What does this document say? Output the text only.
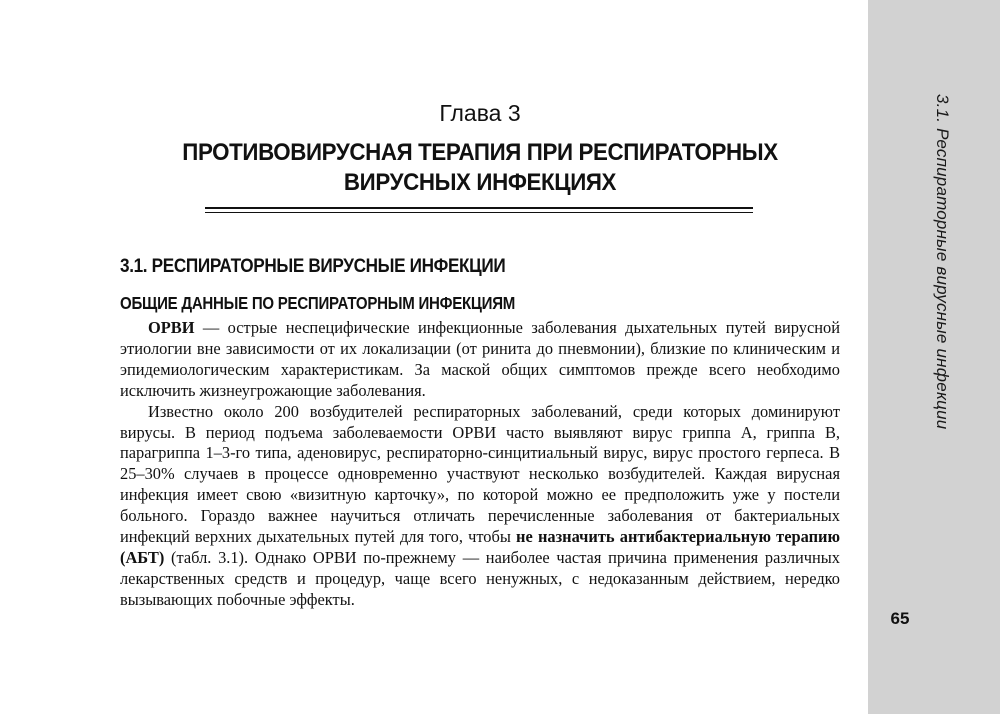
Глава 3
ПРОТИВОВИРУСНАЯ ТЕРАПИЯ ПРИ РЕСПИРАТОРНЫХ
ВИРУСНЫХ ИНФЕКЦИЯХ
3.1. РЕСПИРАТОРНЫЕ ВИРУСНЫЕ ИНФЕКЦИИ
ОБЩИЕ ДАННЫЕ ПО РЕСПИРАТОРНЫМ ИНФЕКЦИЯМ

ОРВИ — острые неспецифические инфекционные заболевания дыхательных путей вирусной этиологии вне зависимости от их локализации (от ринита до пневмонии), близкие по клиническим и эпидемиологическим характеристикам. За маской общих симптомов прежде всего необходимо исключить жизнеугрожающие заболевания.

Известно около 200 возбудителей респираторных заболеваний, среди которых доминируют вирусы. В период подъема заболеваемости ОРВИ часто выявляют вирус гриппа А, гриппа В, парагриппа 1–3-го типа, аденовирус, респираторно-синцитиальный вирус, вирус простого герпеса. В 25–30% случаев в процессе одновременно участвуют несколько возбудителей. Каждая вирусная инфекция имеет свою «визитную карточку», по которой можно ее предположить уже у постели больного. Гораздо важнее научиться отличать перечисленные заболевания от бактериальных инфекций верхних дыхательных путей для того, чтобы не назначить антибактериальную терапию (АБТ) (табл. 3.1). Однако ОРВИ по-прежнему — наиболее частая причина применения различных лекарственных средств и процедур, чаще всего ненужных, с недоказанным действием, нередко вызывающих побочные эффекты.

3.1. Респираторные вирусные инфекции
65
